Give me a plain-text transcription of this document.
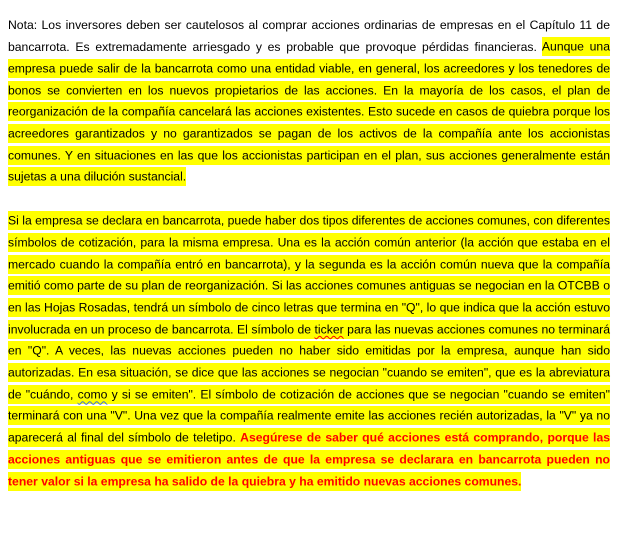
Nota: Los inversores deben ser cautelosos al comprar acciones ordinarias de empresas en el Capítulo 11 de bancarrota. Es extremadamente arriesgado y es probable que provoque pérdidas financieras. Aunque una empresa puede salir de la bancarrota como una entidad viable, en general, los acreedores y los tenedores de bonos se convierten en los nuevos propietarios de las acciones. En la mayoría de los casos, el plan de reorganización de la compañía cancelará las acciones existentes. Esto sucede en casos de quiebra porque los acreedores garantizados y no garantizados se pagan de los activos de la compañía ante los accionistas comunes. Y en situaciones en las que los accionistas participan en el plan, sus acciones generalmente están sujetas a una dilución sustancial.

Si la empresa se declara en bancarrota, puede haber dos tipos diferentes de acciones comunes, con diferentes símbolos de cotización, para la misma empresa. Una es la acción común anterior (la acción que estaba en el mercado cuando la compañía entró en bancarrota), y la segunda es la acción común nueva que la compañía emitió como parte de su plan de reorganización. Si las acciones comunes antiguas se negocian en la OTCBB o en las Hojas Rosadas, tendrá un símbolo de cinco letras que termina en "Q", lo que indica que la acción estuvo involucrada en un proceso de bancarrota. El símbolo de ticker para las nuevas acciones comunes no terminará en "Q". A veces, las nuevas acciones pueden no haber sido emitidas por la empresa, aunque han sido autorizadas. En esa situación, se dice que las acciones se negocian "cuando se emiten", que es la abreviatura de "cuándo, como y si se emiten". El símbolo de cotización de acciones que se negocian "cuando se emiten" terminará con una "V". Una vez que la compañía realmente emite las acciones recién autorizadas, la "V" ya no aparecerá al final del símbolo de teletipo. Asegúrese de saber qué acciones está comprando, porque las acciones antiguas que se emitieron antes de que la empresa se declarara en bancarrota pueden no tener valor si la empresa ha salido de la quiebra y ha emitido nuevas acciones comunes.
